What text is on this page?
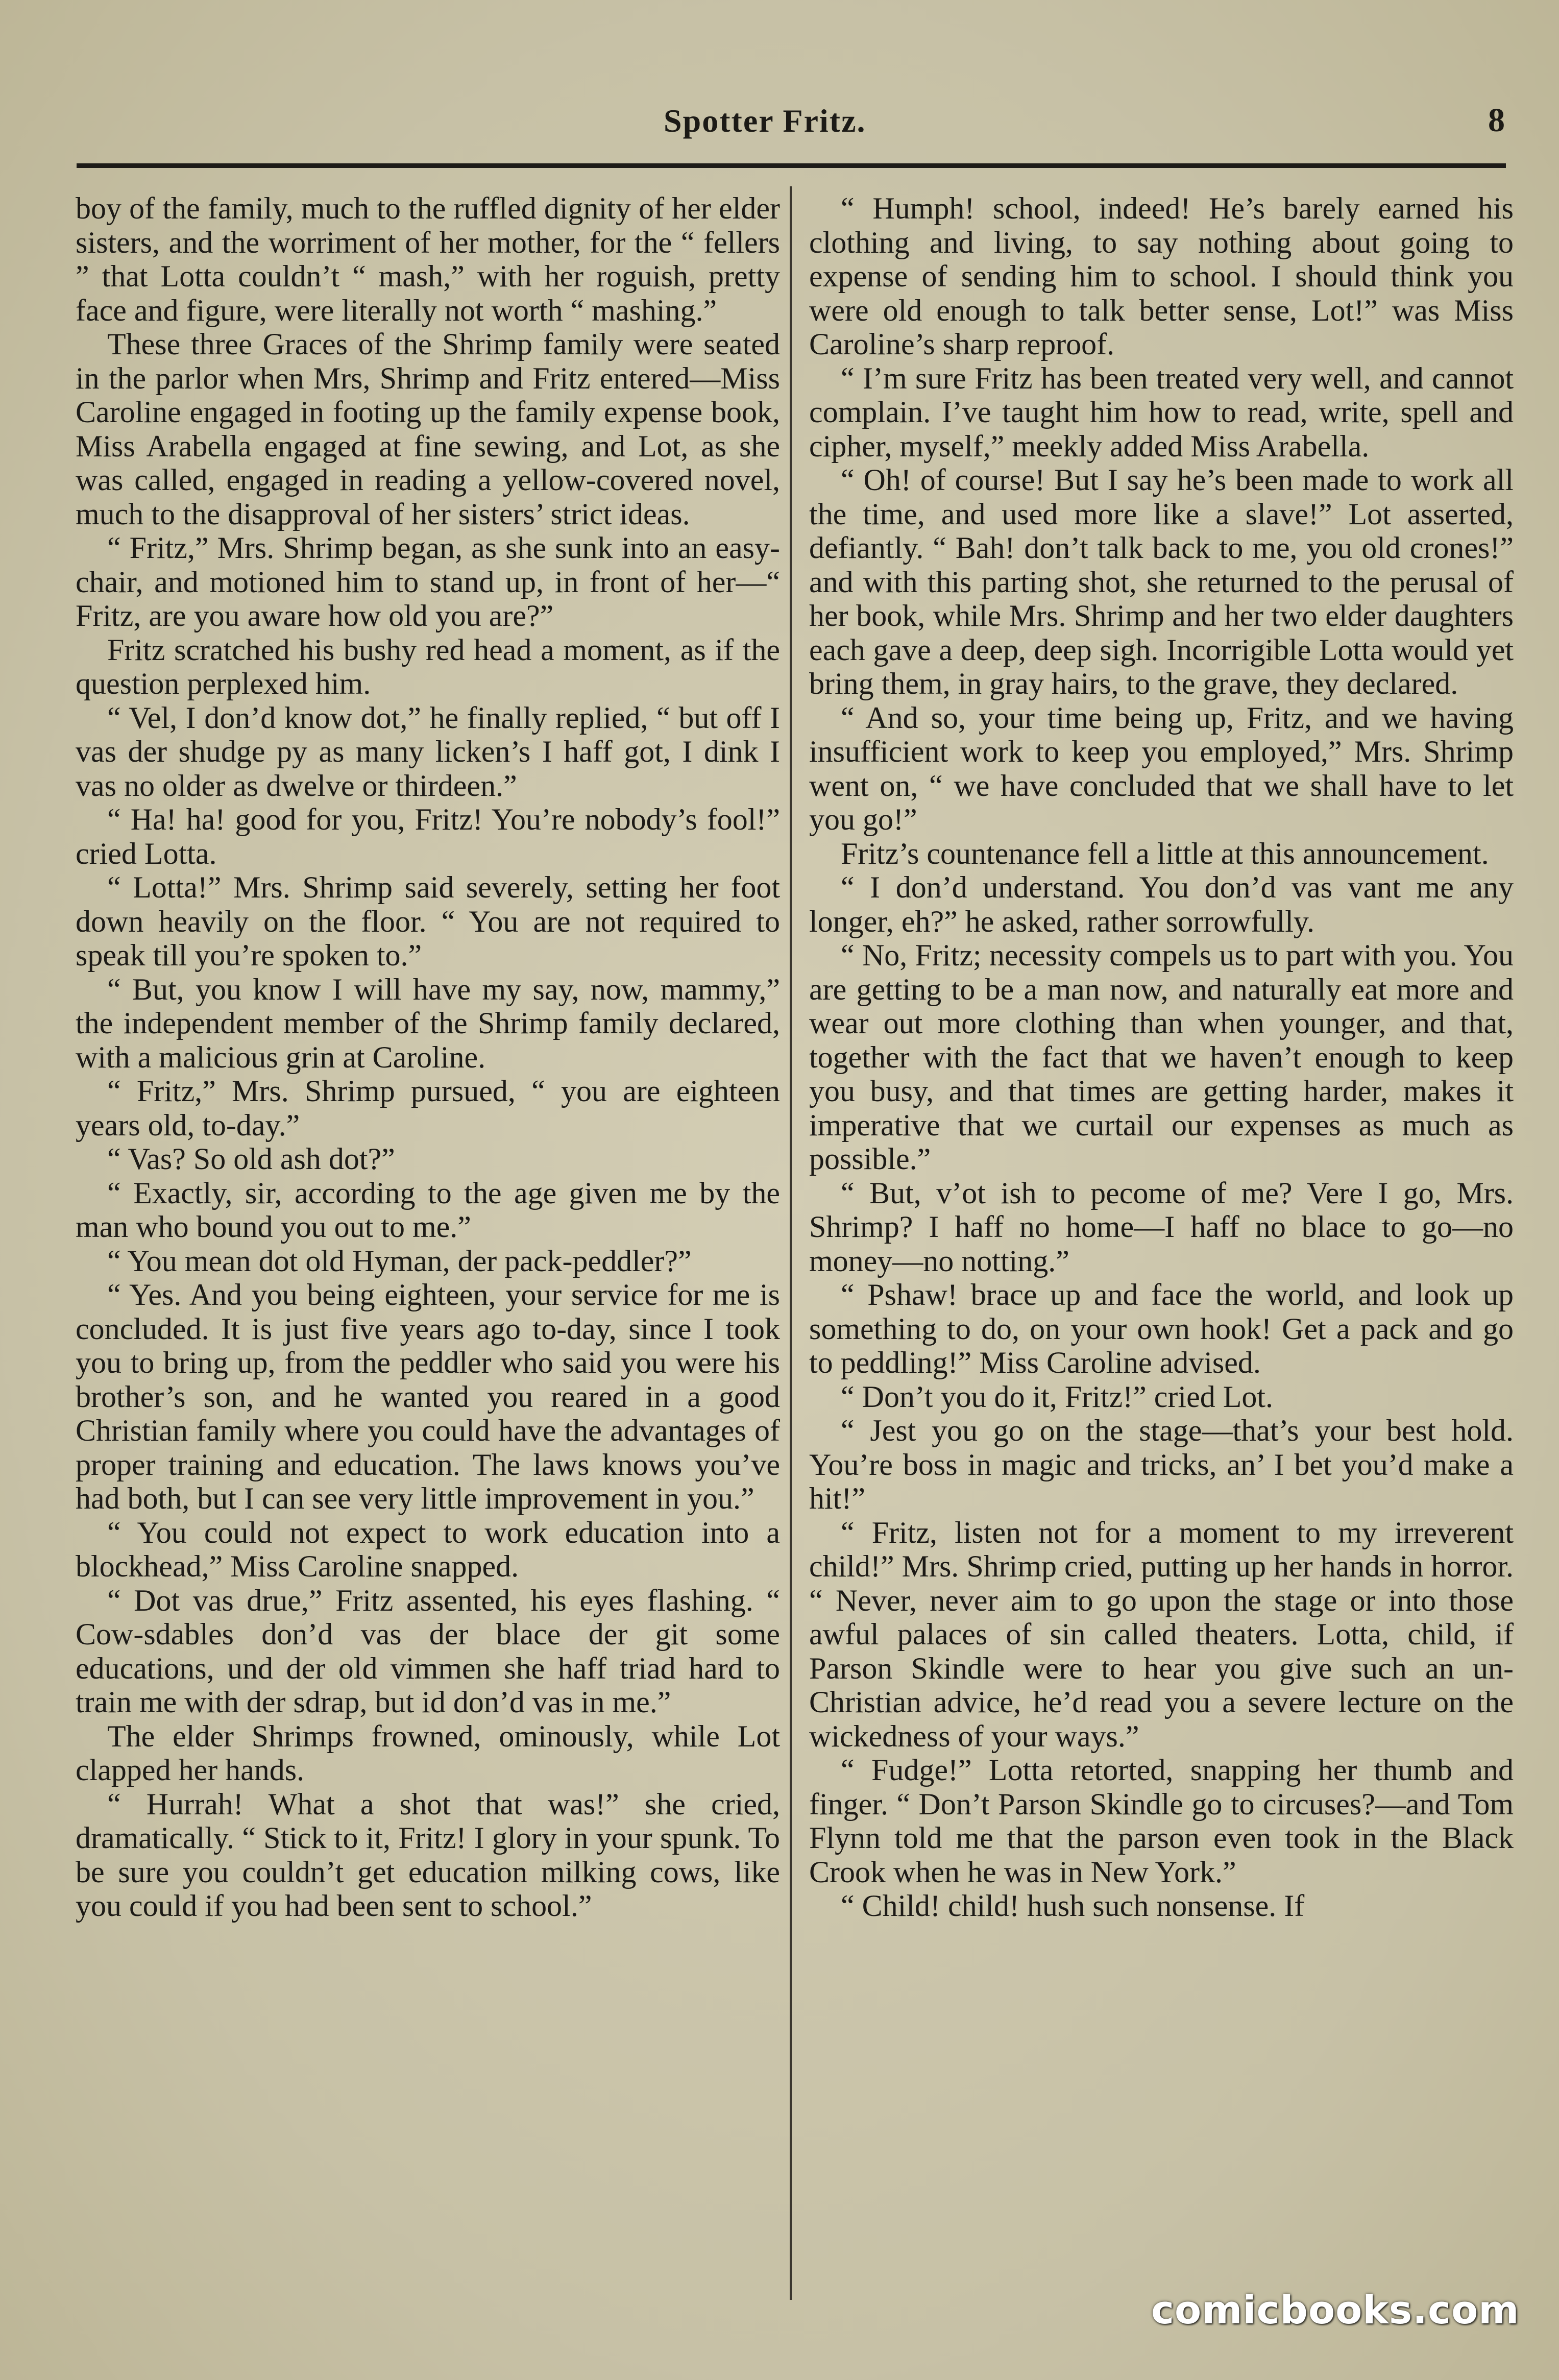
Spotter Fritz.	8

boy of the family, much to the ruffled dignity of her elder sisters, and the worriment of her mother, for the “ fellers ” that Lotta couldn’t “ mash,” with her roguish, pretty face and figure, were literally not worth “ mashing.”

These three Graces of the Shrimp family were seated in the parlor when Mrs, Shrimp and Fritz entered—Miss Caroline engaged in footing up the family expense book, Miss Arabella engaged at fine sewing, and Lot, as she was called, engaged in reading a yellow-covered novel, much to the disapproval of her sisters’ strict ideas.

“ Fritz,” Mrs. Shrimp began, as she sunk into an easy-chair, and motioned him to stand up, in front of her—“ Fritz, are you aware how old you are?”

Fritz scratched his bushy red head a moment, as if the question perplexed him.

“ Vel, I don’d know dot,” he finally replied, “ but off I vas der shudge py as many licken’s I haff got, I dink I vas no older as dwelve or thirdeen.”

“ Ha! ha! good for you, Fritz! You’re nobody’s fool!” cried Lotta.

“ Lotta!” Mrs. Shrimp said severely, setting her foot down heavily on the floor. “ You are not required to speak till you’re spoken to.”

“ But, you know I will have my say, now, mammy,” the independent member of the Shrimp family declared, with a malicious grin at Caroline.

“ Fritz,” Mrs. Shrimp pursued, “ you are eighteen years old, to-day.”

“ Vas? So old ash dot?”

“ Exactly, sir, according to the age given me by the man who bound you out to me.”

“ You mean dot old Hyman, der pack-peddler?”

“ Yes. And you being eighteen, your service for me is concluded. It is just five years ago to-day, since I took you to bring up, from the peddler who said you were his brother’s son, and he wanted you reared in a good Christian family where you could have the advantages of proper training and education. The laws knows you’ve had both, but I can see very little improvement in you.”

“ You could not expect to work education into a blockhead,” Miss Caroline snapped.

“ Dot vas drue,” Fritz assented, his eyes flashing. “ Cow-sdables don’d vas der blace der git some educations, und der old vimmen she haff triad hard to train me with der sdrap, but id don’d vas in me.”

The elder Shrimps frowned, ominously, while Lot clapped her hands.

“ Hurrah! What a shot that was!” she cried, dramatically. “ Stick to it, Fritz! I glory in your spunk. To be sure you couldn’t get education milking cows, like you could if you had been sent to school.”

“ Humph! school, indeed! He’s barely earned his clothing and living, to say nothing about going to expense of sending him to school. I should think you were old enough to talk better sense, Lot!” was Miss Caroline’s sharp reproof.

“ I’m sure Fritz has been treated very well, and cannot complain. I’ve taught him how to read, write, spell and cipher, myself,” meekly added Miss Arabella.

“ Oh! of course! But I say he’s been made to work all the time, and used more like a slave!” Lot asserted, defiantly. “ Bah! don’t talk back to me, you old crones!” and with this parting shot, she returned to the perusal of her book, while Mrs. Shrimp and her two elder daughters each gave a deep, deep sigh. Incorrigible Lotta would yet bring them, in gray hairs, to the grave, they declared.

“ And so, your time being up, Fritz, and we having insufficient work to keep you employed,” Mrs. Shrimp went on, “ we have concluded that we shall have to let you go!”

Fritz’s countenance fell a little at this announcement.

“ I don’d understand. You don’d vas vant me any longer, eh?” he asked, rather sorrowfully.

“ No, Fritz; necessity compels us to part with you. You are getting to be a man now, and naturally eat more and wear out more clothing than when younger, and that, together with the fact that we haven’t enough to keep you busy, and that times are getting harder, makes it imperative that we curtail our expenses as much as possible.”

“ But, v’ot ish to pecome of me? Vere I go, Mrs. Shrimp? I haff no home—I haff no blace to go—no money—no notting.”

“ Pshaw! brace up and face the world, and look up something to do, on your own hook! Get a pack and go to peddling!” Miss Caroline advised.

“ Don’t you do it, Fritz!” cried Lot.

“ Jest you go on the stage—that’s your best hold. You’re boss in magic and tricks, an’ I bet you’d make a hit!”

“ Fritz, listen not for a moment to my irreverent child!” Mrs. Shrimp cried, putting up her hands in horror. “ Never, never aim to go upon the stage or into those awful palaces of sin called theaters. Lotta, child, if Parson Skindle were to hear you give such an un-Christian advice, he’d read you a severe lecture on the wickedness of your ways.”

“ Fudge!” Lotta retorted, snapping her thumb and finger. “ Don’t Parson Skindle go to circuses?—and Tom Flynn told me that the parson even took in the Black Crook when he was in New York.”

“ Child! child! hush such nonsense. If

comicbooks.com
